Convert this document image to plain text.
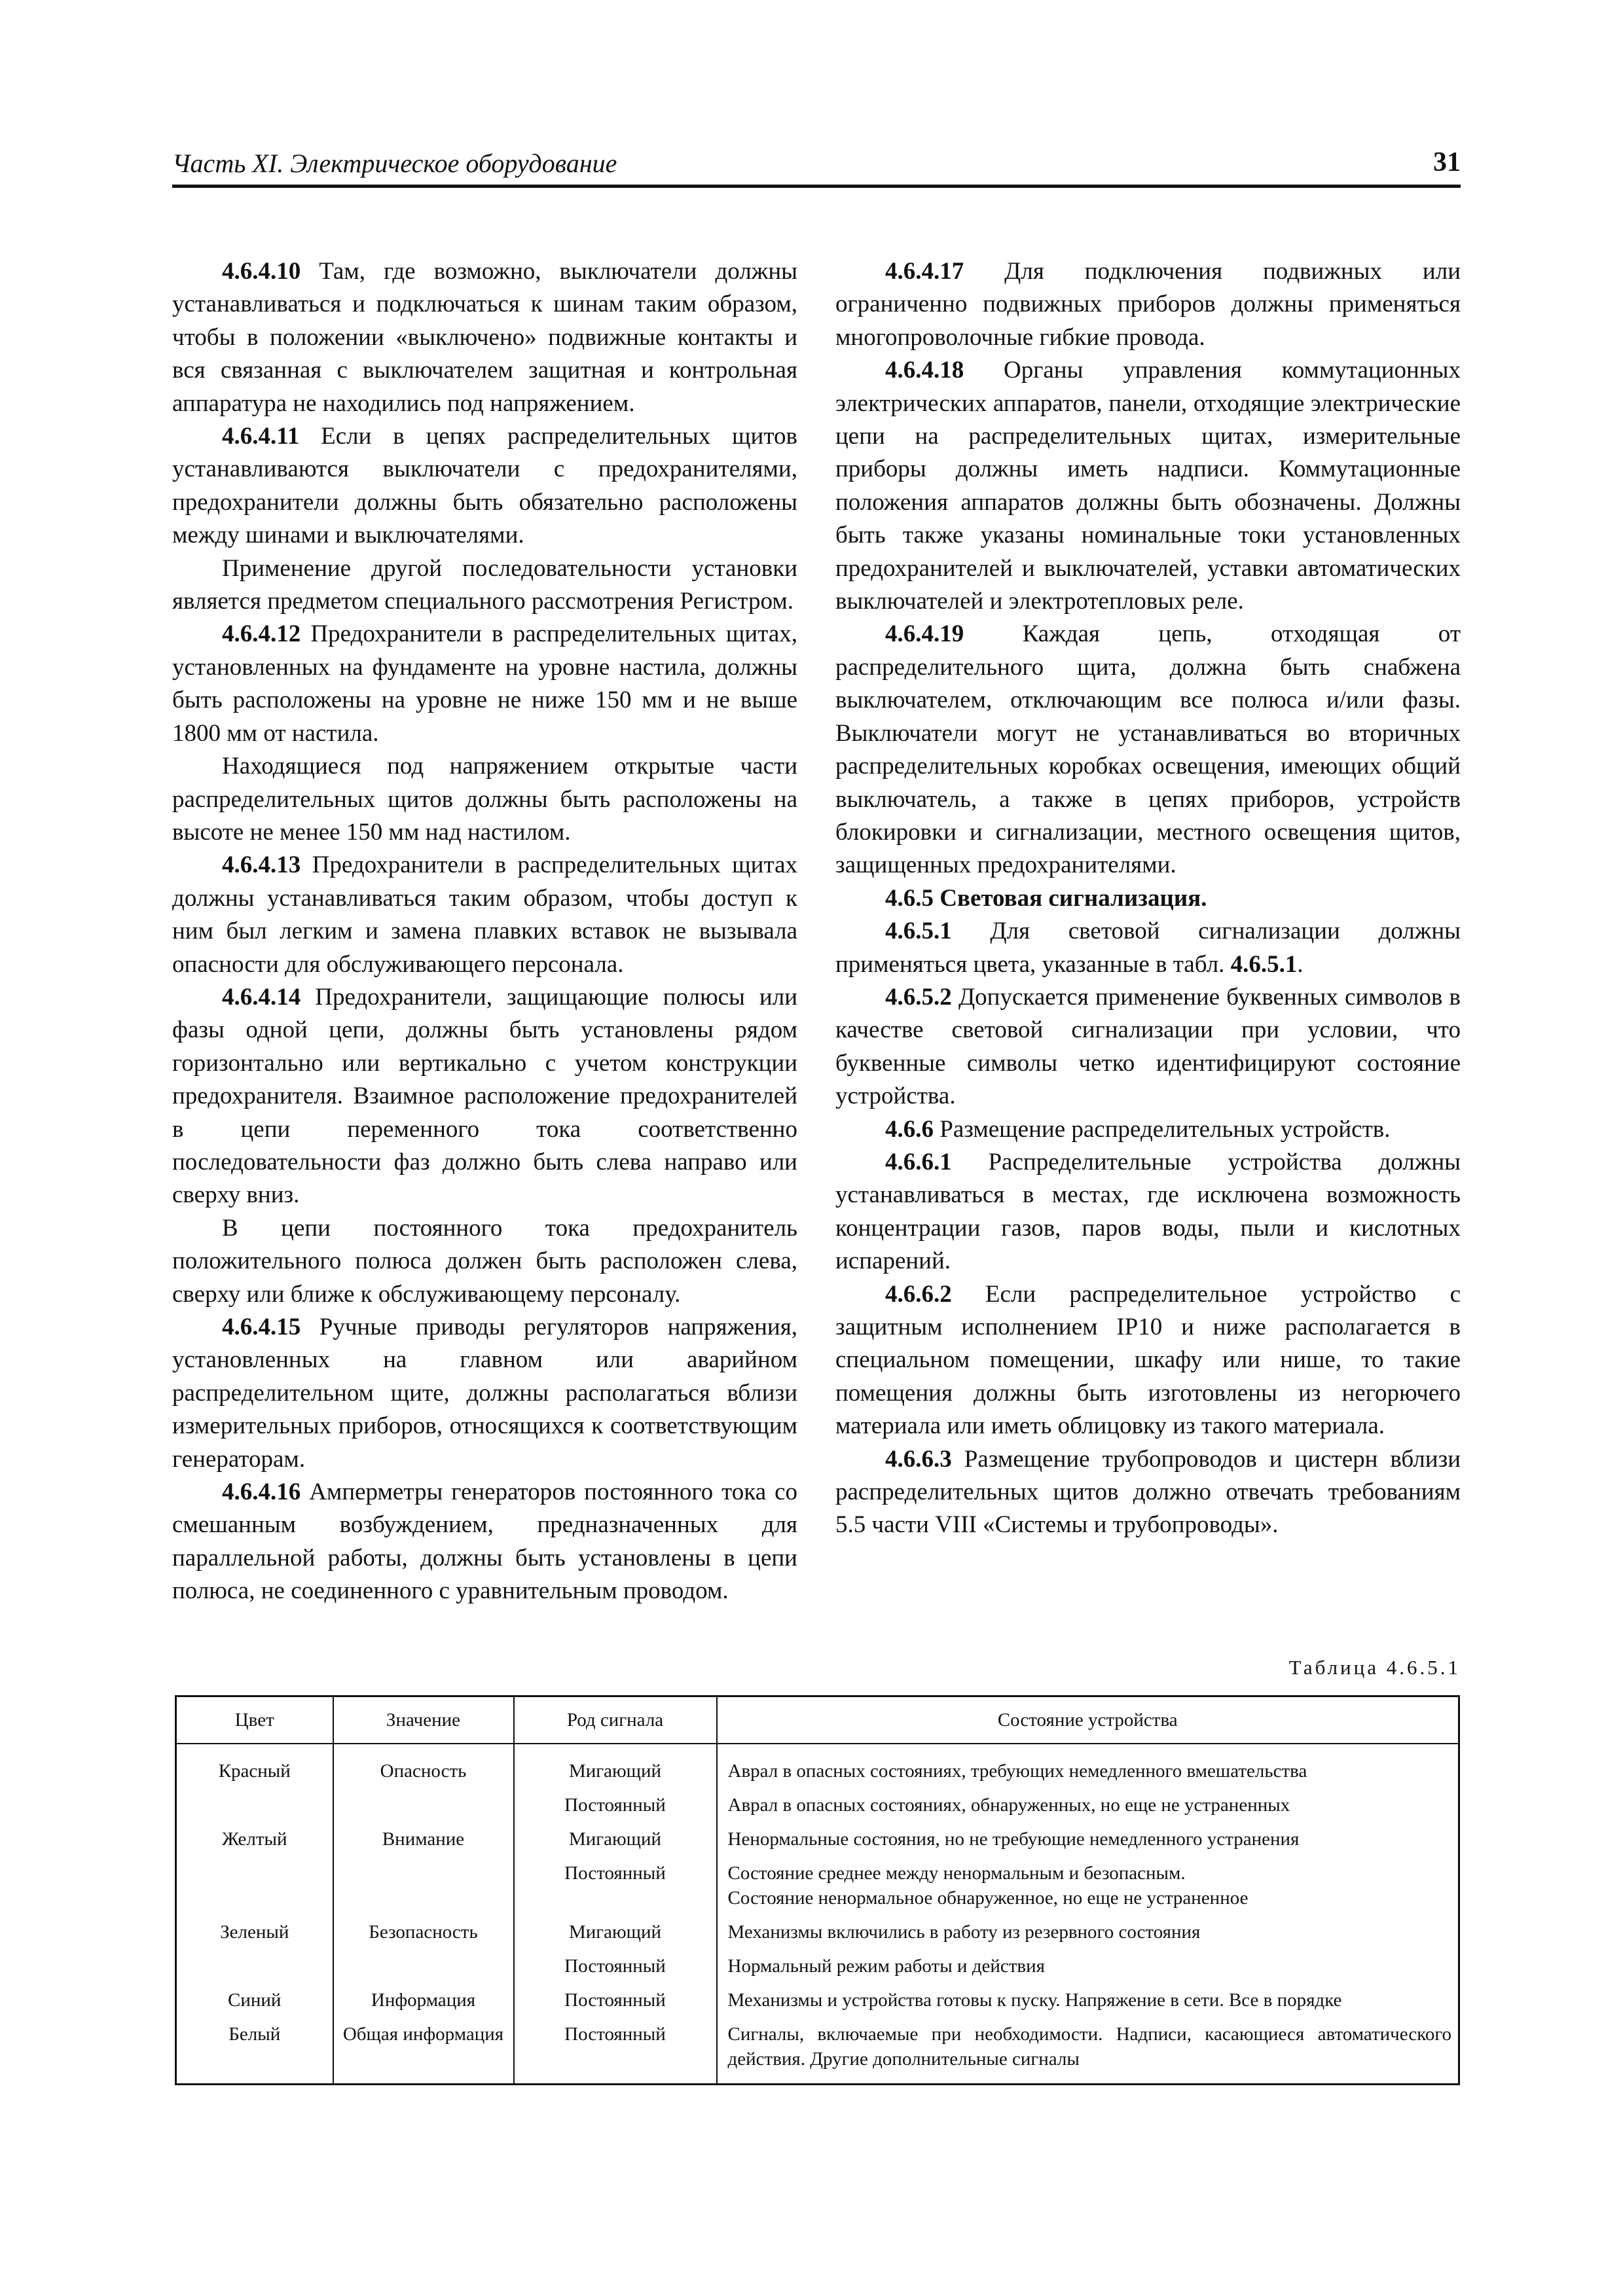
Часть XI. Электрическое оборудование	31

4.6.4.10 Там, где возможно, выключатели должны устанавливаться и подключаться к шинам таким образом, чтобы в положении «выключено» подвижные контакты и вся связанная с выключателем защитная и контрольная аппаратура не находились под напряжением.

4.6.4.11 Если в цепях распределительных щитов устанавливаются выключатели с предохранителями, предохранители должны быть обязательно расположены между шинами и выключателями.

Применение другой последовательности установки является предметом специального рассмотрения Регистром.

4.6.4.12 Предохранители в распределительных щитах, установленных на фундаменте на уровне настила, должны быть расположены на уровне не ниже 150 мм и не выше 1800 мм от настила.

Находящиеся под напряжением открытые части распределительных щитов должны быть расположены на высоте не менее 150 мм над настилом.

4.6.4.13 Предохранители в распределительных щитах должны устанавливаться таким образом, чтобы доступ к ним был легким и замена плавких вставок не вызывала опасности для обслуживающего персонала.

4.6.4.14 Предохранители, защищающие полюсы или фазы одной цепи, должны быть установлены рядом горизонтально или вертикально с учетом конструкции предохранителя. Взаимное расположение предохранителей в цепи переменного тока соответственно последовательности фаз должно быть слева направо или сверху вниз.

В цепи постоянного тока предохранитель положительного полюса должен быть расположен слева, сверху или ближе к обслуживающему персоналу.

4.6.4.15 Ручные приводы регуляторов напряжения, установленных на главном или аварийном распределительном щите, должны располагаться вблизи измерительных приборов, относящихся к соответствующим генераторам.

4.6.4.16 Амперметры генераторов постоянного тока со смешанным возбуждением, предназначенных для параллельной работы, должны быть установлены в цепи полюса, не соединенного с уравнительным проводом.

4.6.4.17 Для подключения подвижных или ограниченно подвижных приборов должны применяться многопроволочные гибкие провода.

4.6.4.18 Органы управления коммутационных электрических аппаратов, панели, отходящие электрические цепи на распределительных щитах, измерительные приборы должны иметь надписи. Коммутационные положения аппаратов должны быть обозначены. Должны быть также указаны номинальные токи установленных предохранителей и выключателей, уставки автоматических выключателей и электротепловых реле.

4.6.4.19 Каждая цепь, отходящая от распределительного щита, должна быть снабжена выключателем, отключающим все полюса и/или фазы. Выключатели могут не устанавливаться во вторичных распределительных коробках освещения, имеющих общий выключатель, а также в цепях приборов, устройств блокировки и сигнализации, местного освещения щитов, защищенных предохранителями.

4.6.5 Световая сигнализация.

4.6.5.1 Для световой сигнализации должны применяться цвета, указанные в табл. 4.6.5.1.

4.6.5.2 Допускается применение буквенных символов в качестве световой сигнализации при условии, что буквенные символы четко идентифицируют состояние устройства.

4.6.6 Размещение распределительных устройств.

4.6.6.1 Распределительные устройства должны устанавливаться в местах, где исключена возможность концентрации газов, паров воды, пыли и кислотных испарений.

4.6.6.2 Если распределительное устройство с защитным исполнением IP10 и ниже располагается в специальном помещении, шкафу или нише, то такие помещения должны быть изготовлены из негорючего материала или иметь облицовку из такого материала.

4.6.6.3 Размещение трубопроводов и цистерн вблизи распределительных щитов должно отвечать требованиям 5.5 части VIII «Системы и трубопроводы».

Таблица 4.6.5.1
Цвет	Значение	Род сигнала	Состояние устройства
Красный	Опасность	Мигающий	Аврал в опасных состояниях, требующих немедленного вмешательства
		Постоянный	Аврал в опасных состояниях, обнаруженных, но еще не устраненных
Желтый	Внимание	Мигающий	Ненормальные состояния, но не требующие немедленного устранения
		Постоянный	Состояние среднее между ненормальным и безопасным.
Состояние ненормальное обнаруженное, но еще не устраненное

Зеленый	Безопасность	Мигающий	Механизмы включились в работу из резервного состояния
		Постоянный	Нормальный режим работы и действия
Синий	Информация	Постоянный	Механизмы и устройства готовы к пуску. Напряжение в сети. Все в порядке
Белый	Общая информация	Постоянный	Сигналы, включаемые при необходимости. Надписи, касающиеся автоматического действия. Другие дополнительные сигналы
